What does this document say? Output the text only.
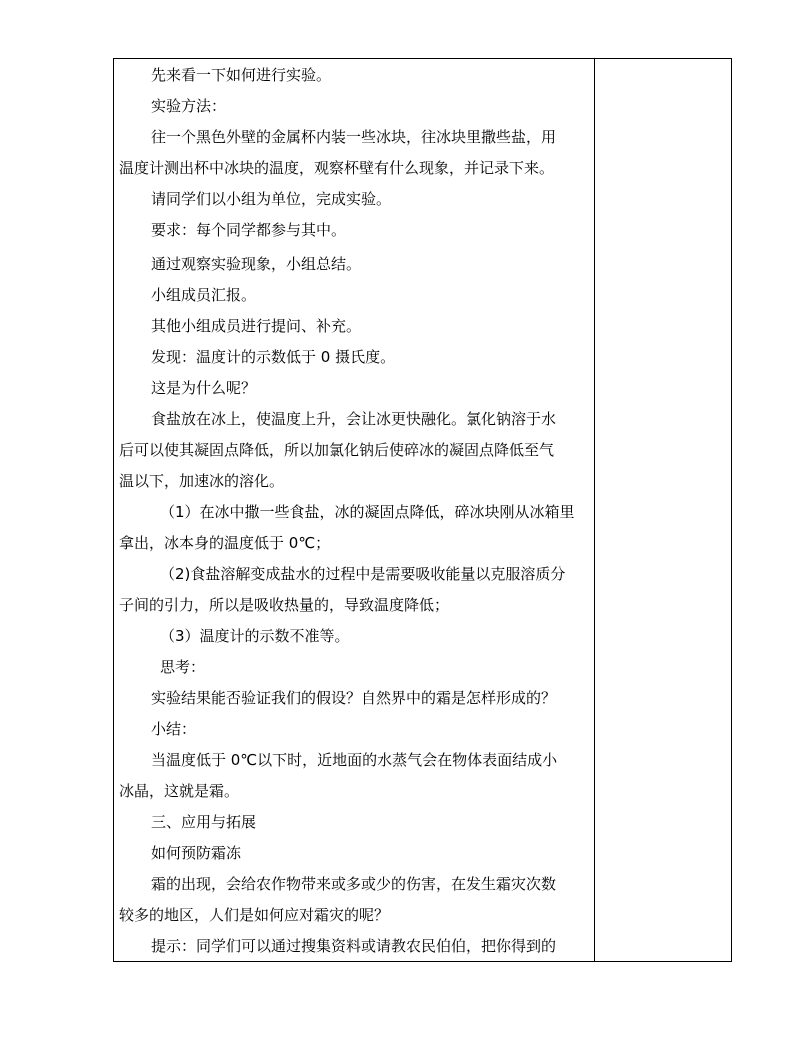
先来看一下如何进行实验。
实验方法：
往一个黑色外壁的金属杯内装一些冰块，往冰块里撒些盐，用
温度计测出杯中冰块的温度，观察杯壁有什么现象，并记录下来。
请同学们以小组为单位，完成实验。
要求：每个同学都参与其中。
通过观察实验现象，小组总结。
小组成员汇报。
其他小组成员进行提问、补充。
发现：温度计的示数低于 0 摄氏度。
这是为什么呢？
食盐放在冰上，使温度上升，会让冰更快融化。氯化钠溶于水
后可以使其凝固点降低，所以加氯化钠后使碎冰的凝固点降低至气
温以下，加速冰的溶化。
（1）在冰中撒一些食盐，冰的凝固点降低，碎冰块刚从冰箱里
拿出，冰本身的温度低于 0℃；
（2)食盐溶解变成盐水的过程中是需要吸收能量以克服溶质分
子间的引力，所以是吸收热量的，导致温度降低；
（3）温度计的示数不准等。
思考：
实验结果能否验证我们的假设？自然界中的霜是怎样形成的？
小结：
当温度低于 0℃以下时，近地面的水蒸气会在物体表面结成小
冰晶，这就是霜。
三、应用与拓展
如何预防霜冻
霜的出现，会给农作物带来或多或少的伤害，在发生霜灾次数
较多的地区，人们是如何应对霜灾的呢？
提示：同学们可以通过搜集资料或请教农民伯伯，把你得到的
